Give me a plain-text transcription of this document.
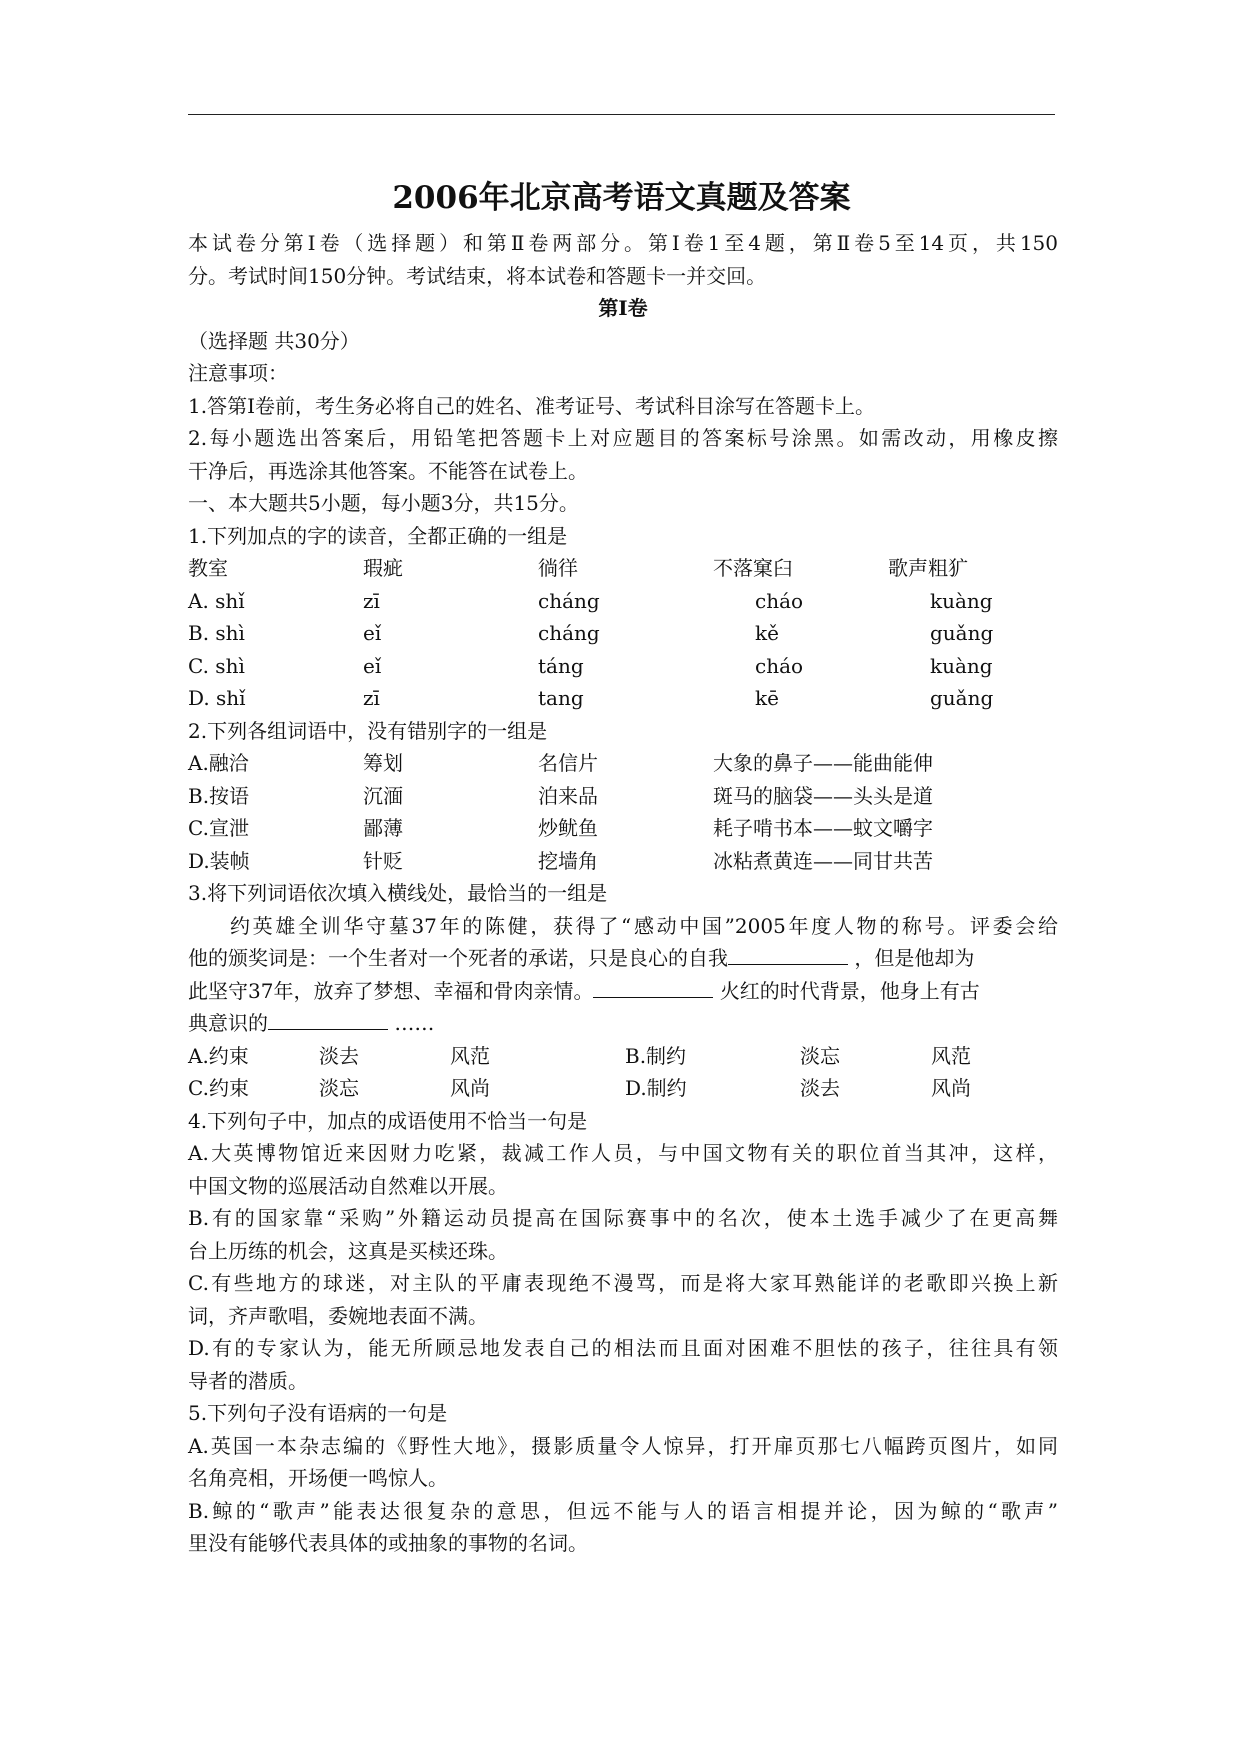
2006年北京高考语文真题及答案
本试卷分第Ⅰ卷（选择题）和第Ⅱ卷两部分。第Ⅰ卷1至4题，第Ⅱ卷5至14页，共150
分。考试时间150分钟。考试结束，将本试卷和答题卡一并交回。
第Ⅰ卷
（选择题 共30分）
注意事项：
1.答第Ⅰ卷前，考生务必将自己的姓名、准考证号、考试科目涂写在答题卡上。
2.每小题选出答案后，用铅笔把答题卡上对应题目的答案标号涂黑。如需改动，用橡皮擦
干净后，再选涂其他答案。不能答在试卷上。
一、本大题共5小题，每小题3分，共15分。
1.下列加点的字的读音，全都正确的一组是
教室	瑕疵	徜徉	不落窠臼	歌声粗犷
A. shǐ	zī	cháng	cháo	kuàng
B. shì	eǐ	cháng	kě	guǎng
C. shì	eǐ	táng	cháo	kuàng
D. shǐ	zī	tang	kē	guǎng
2.下列各组词语中，没有错别字的一组是
A.融洽	筹划	名信片	大象的鼻子——能曲能伸
B.按语	沉湎	泊来品	斑马的脑袋——头头是道
C.宣泄	鄙薄	炒鱿鱼	耗子啃书本——蚊文嚼字
D.装帧	针贬	挖墙角	冰粘煮黄连——同甘共苦
3.将下列词语依次填入横线处，最恰当的一组是
约英雄全训华守墓37年的陈健，获得了“感动中国”2005年度人物的称号。评委会给
他的颁奖词是：一个生者对一个死者的承诺，只是良心的自我	，但是他却为
此坚守37年，放弃了梦想、幸福和骨肉亲情。	火红的时代背景，他身上有古
典意识的	……
A.约束	淡去	风范	B.制约	淡忘	风范
C.约束	淡忘	风尚	D.制约	淡去	风尚
4.下列句子中，加点的成语使用不恰当一句是
A.大英博物馆近来因财力吃紧，裁减工作人员，与中国文物有关的职位首当其冲，这样，
中国文物的巡展活动自然难以开展。
B.有的国家靠“采购”外籍运动员提高在国际赛事中的名次，使本土选手减少了在更高舞
台上历练的机会，这真是买椟还珠。
C.有些地方的球迷，对主队的平庸表现绝不漫骂，而是将大家耳熟能详的老歌即兴换上新
词，齐声歌唱，委婉地表面不满。
D.有的专家认为，能无所顾忌地发表自己的相法而且面对困难不胆怯的孩子，往往具有领
导者的潜质。
5.下列句子没有语病的一句是
A.英国一本杂志编的《野性大地》，摄影质量令人惊异，打开扉页那七八幅跨页图片，如同
名角亮相，开场便一鸣惊人。
B.鲸的“歌声”能表达很复杂的意思，但远不能与人的语言相提并论，因为鲸的“歌声”
里没有能够代表具体的或抽象的事物的名词。
